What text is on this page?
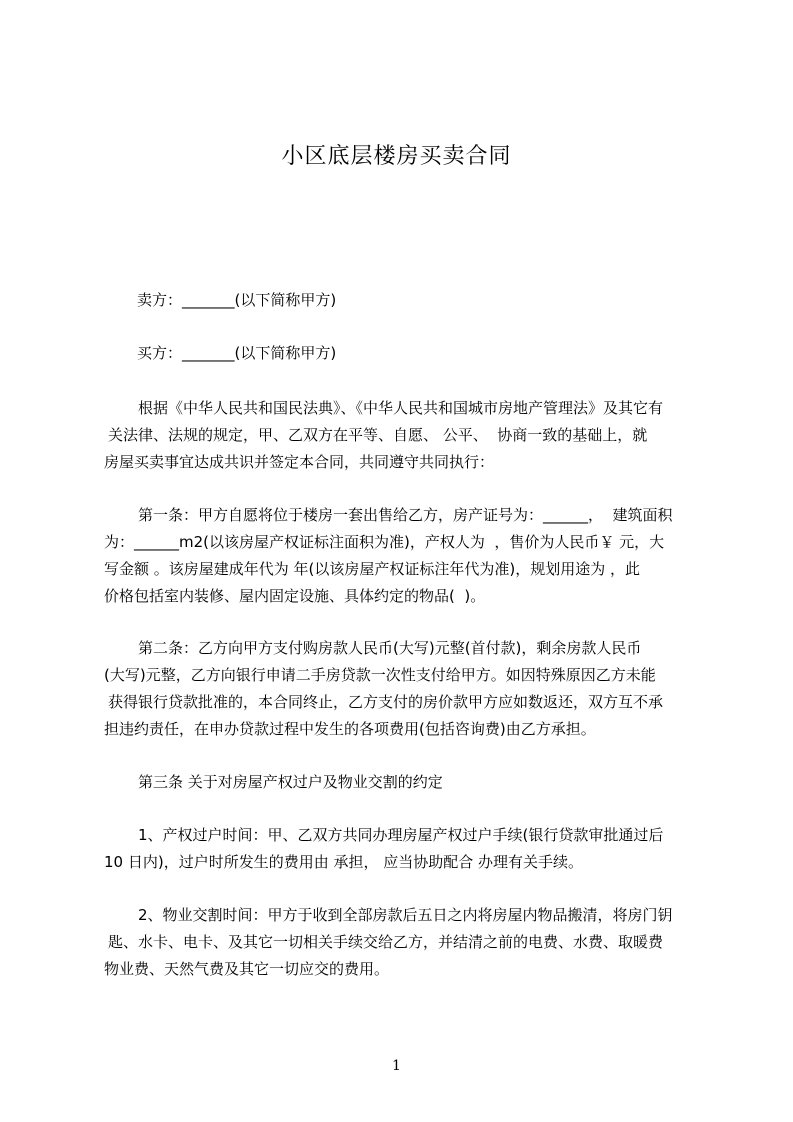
小区底层楼房买卖合同
卖方：_______(以下简称甲方)
买方：_______(以下简称甲方)
根据《中华人民共和国民法典》、《中华人民共和国城市房地产管理法》及其它有
关法律、法规的规定，甲、乙双方在平等、自愿、 公平、  协商一致的基础上，就
房屋买卖事宜达成共识并签定本合同，共同遵守共同执行：
第一条：甲方自愿将位于楼房一套出售给乙方，房产证号为：______，  建筑面积
为：______m2(以该房屋产权证标注面积为准)，产权人为  ，售价为人民币￥ 元，大
写金额 。该房屋建成年代为 年(以该房屋产权证标注年代为准)，规划用途为 ，此
价格包括室内装修、屋内固定设施、具体约定的物品(  )。
第二条：乙方向甲方支付购房款人民币(大写)元整(首付款)，剩余房款人民币
(大写)元整，乙方向银行申请二手房贷款一次性支付给甲方。如因特殊原因乙方未能
获得银行贷款批准的，本合同终止，乙方支付的房价款甲方应如数返还，双方互不承
担违约责任，在申办贷款过程中发生的各项费用(包括咨询费)由乙方承担。
第三条 关于对房屋产权过户及物业交割的约定
1、产权过户时间：甲、乙双方共同办理房屋产权过户手续(银行贷款审批通过后
10 日内)，过户时所发生的费用由 承担， 应当协助配合 办理有关手续。
2、物业交割时间：甲方于收到全部房款后五日之内将房屋内物品搬清，将房门钥
匙、水卡、电卡、及其它一切相关手续交给乙方，并结清之前的电费、水费、取暖费
物业费、天然气费及其它一切应交的费用。
1
